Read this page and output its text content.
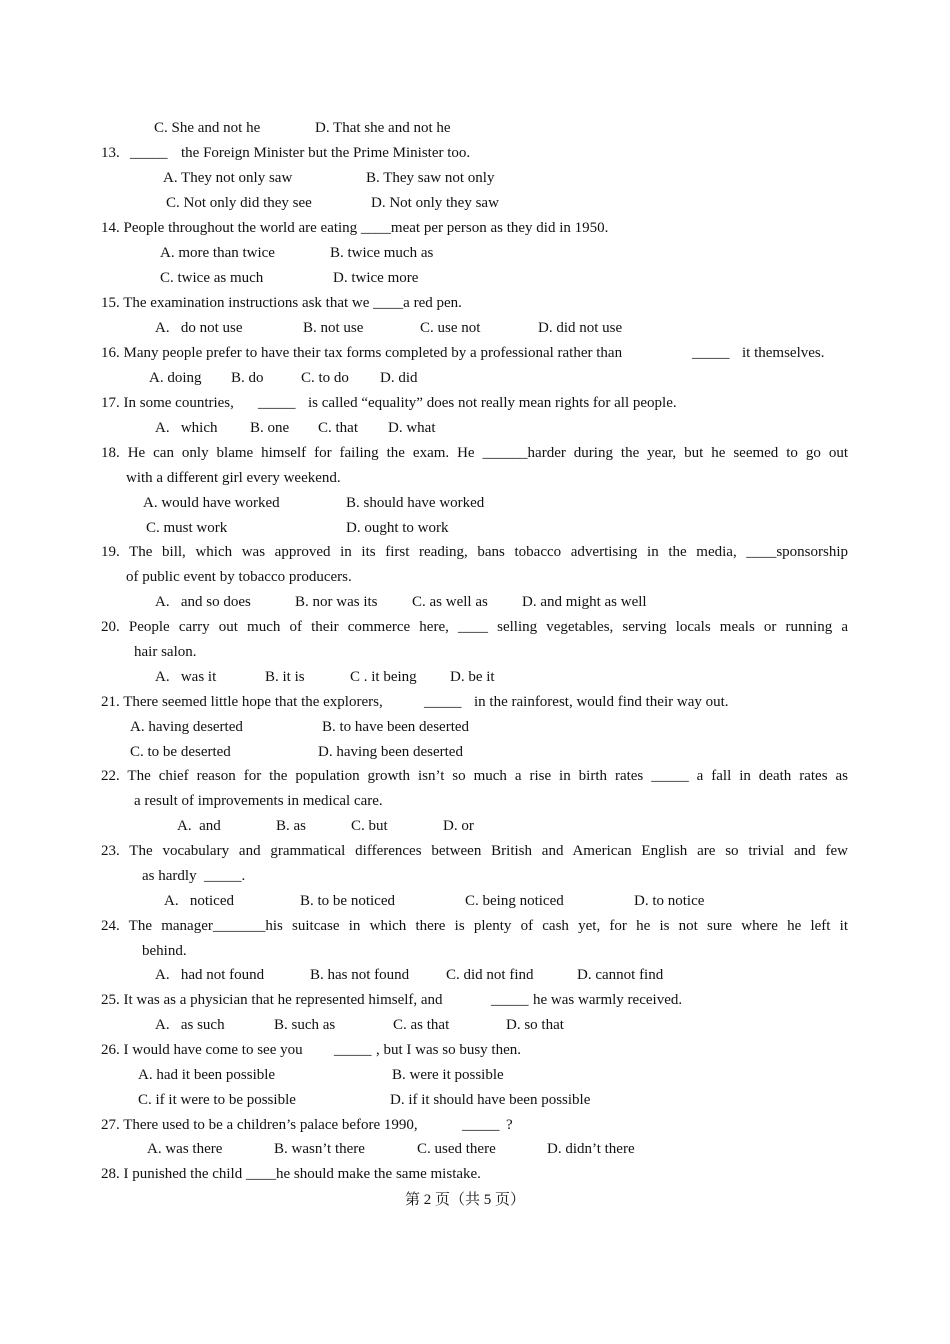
C. She and not he	D. That she and not he
13. _____ the Foreign Minister but the Prime Minister too.
A. They not only saw	B. They saw not only
C. Not only did they see	D. Not only they saw
14. People throughout the world are eating ____meat per person as they did in 1950.
A. more than twice	B. twice much as
C. twice as much	D. twice more
15. The examination instructions ask that we ____a red pen.
A.   do not use	B. not use	C. use not	D. did not use
16. Many people prefer to have their tax forms completed by a professional rather than	_____ it themselves.
A. doing B. do C. to do D. did
17. In some countries, _____ is called “equality” does not really mean rights for all people.
A.   which B. one C. that D. what
18. He can only blame himself for failing the exam. He ______harder during the year, but he seemed to go out
with a different girl every weekend.
A. would have worked	B. should have worked
C. must work	D. ought to work
19. The bill, which was approved in its first reading, bans tobacco advertising in the media, ____sponsorship
of public event by tobacco producers.
A.   and so does	B. nor was its C. as well as D. and might as well
20. People carry out much of their commerce here, ____ selling vegetables, serving locals meals or running a
hair salon.
A.   was it	B. it is	C . it being D. be it
21. There seemed little hope that the explorers,	_____ in the rainforest, would find their way out.
A. having deserted	B. to have been deserted
C. to be deserted	D. having been deserted
22. The chief reason for the population growth isn’t so much a rise in birth rates _____ a fall in death rates as
a result of improvements in medical care.
A.  and	B. as	C. but	D. or
23. The vocabulary and grammatical differences between British and American English are so trivial and few
as hardly _____.
A.   noticed	B. to be noticed	C. being noticed	D. to notice
24. The manager_______his suitcase in which there is plenty of cash yet, for he is not sure where he left it
behind.
A.   had not found	B. has not found C. did not find	D. cannot find
25. It was as a physician that he represented himself, and	_____ he was warmly received.
A.   as such	B. such as	C. as that	D. so that
26. I would have come to see you _____ , but I was so busy then.
A. had it been possible	B. were it possible
C. if it were to be possible	D. if it should have been possible
27. There used to be a children’s palace before 1990,	_____ ?
A. was there	B. wasn’t there	C. used there	D. didn’t there
28. I punished the child ____he should make the same mistake.
第 2 页（共 5 页）
